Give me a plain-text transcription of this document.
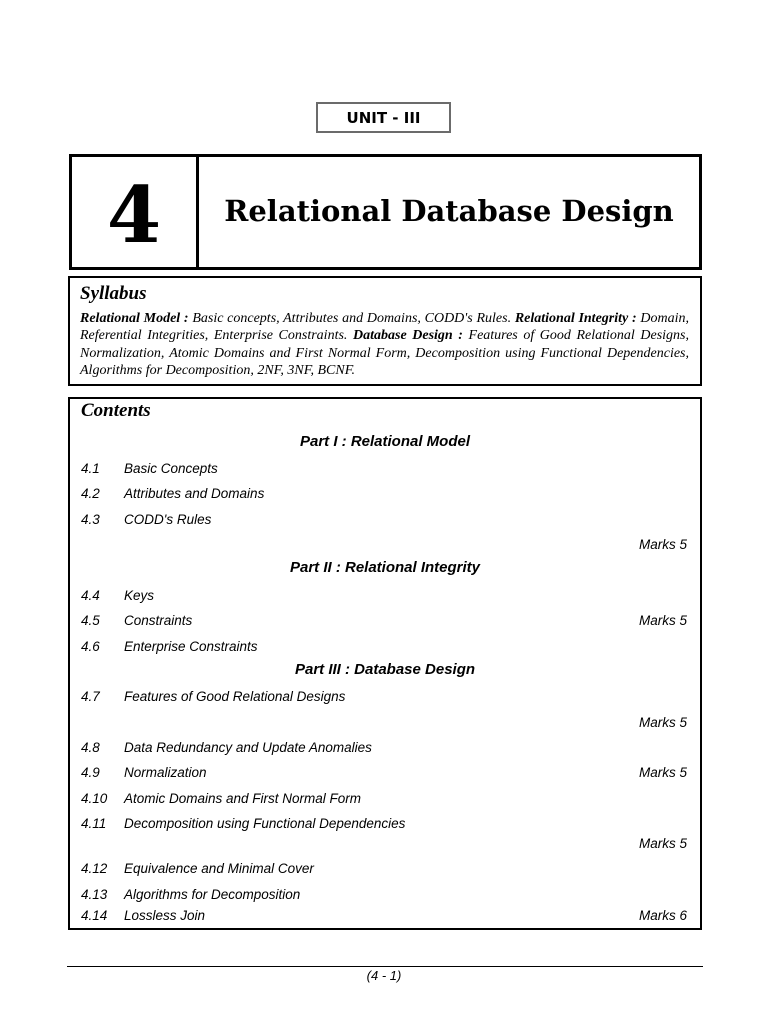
UNIT - III
4	Relational Database Design
Syllabus
Relational Model : Basic concepts, Attributes and Domains, CODD's Rules. Relational Integrity : Domain, Referential Integrities, Enterprise Constraints. Database Design : Features of Good Relational Designs, Normalization, Atomic Domains and First Normal Form, Decomposition using Functional Dependencies, Algorithms for Decomposition, 2NF, 3NF, BCNF.
Contents
Part I : Relational Model
Part II : Relational Integrity
Part III : Database Design
4.1 Basic Concepts
4.2 Attributes and Domains
4.3 CODD's Rules
Marks 5
4.4 Keys
4.5 Constraints	Marks 5
4.6 Enterprise Constraints
4.7 Features of Good Relational Designs
Marks 5
4.8 Data Redundancy and Update Anomalies
4.9 Normalization	Marks 5
4.10 Atomic Domains and First Normal Form
4.11 Decomposition using Functional Dependencies
Marks 5
4.12 Equivalence and Minimal Cover
4.13 Algorithms for Decomposition
4.14 Lossless Join	Marks 6
(4 - 1)
